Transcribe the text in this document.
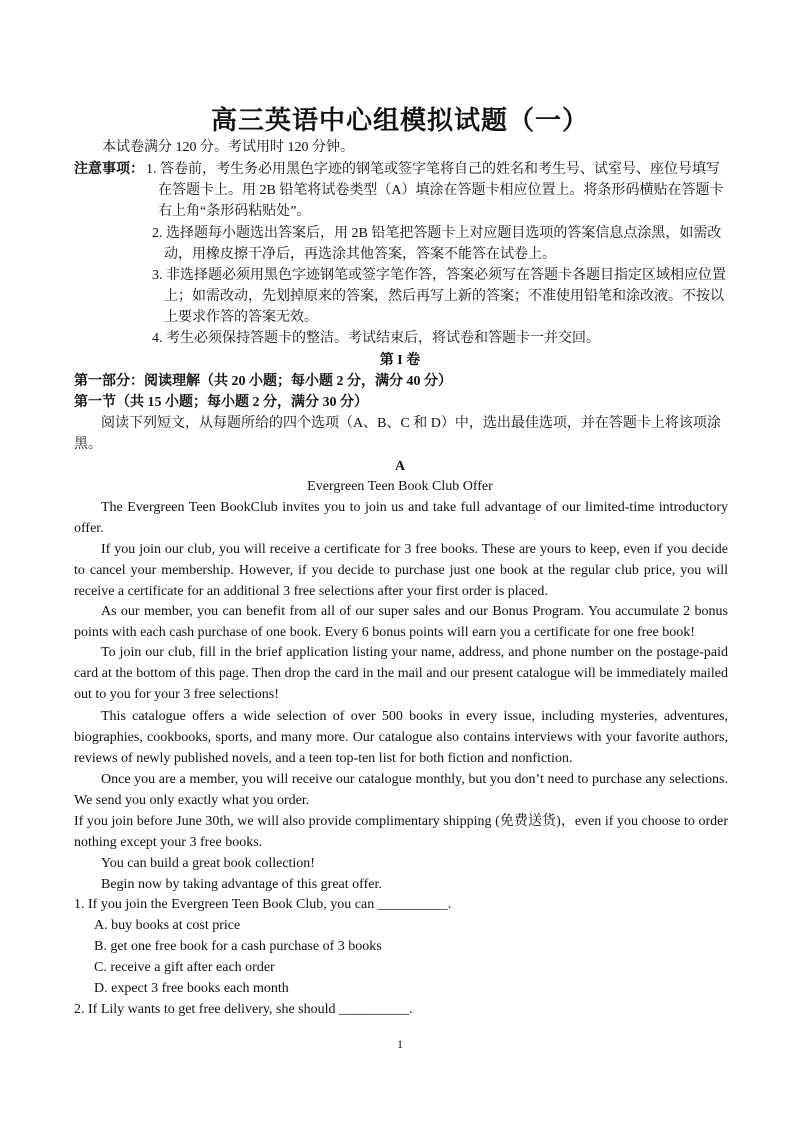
高三英语中心组模拟试题（一）
本试卷满分 120 分。考试用时 120 分钟。
注意事项： 1. 答卷前，考生务必用黑色字迹的钢笔或签字笔将自己的姓名和考生号、试室号、座位号填写
在答题卡上。用 2B 铅笔将试卷类型（A）填涂在答题卡相应位置上。将条形码横贴在答题卡
右上角“条形码粘贴处”。
2. 选择题每小题选出答案后，用 2B 铅笔把答题卡上对应题目选项的答案信息点涂黑，如需改
动，用橡皮擦干净后，再选涂其他答案，答案不能答在试卷上。
3. 非选择题必须用黑色字迹钢笔或签字笔作答，答案必须写在答题卡各题目指定区域相应位置
上；如需改动，先划掉原来的答案，然后再写上新的答案；不准使用铅笔和涂改液。不按以
上要求作答的答案无效。
4. 考生必须保持答题卡的整洁。考试结束后，将试卷和答题卡一并交回。
第 I 卷
第一部分：阅读理解（共 20 小题；每小题 2 分，满分 40 分）
第一节（共 15 小题；每小题 2 分，满分 30 分）
阅读下列短文，从每题所给的四个选项（A、B、C 和 D）中，选出最佳选项，并在答题卡上将该项涂
黑。
A
Evergreen Teen Book Club Offer
The Evergreen Teen BookClub invites you to join us and take full advantage of our limited-time introductory offer.
If you join our club, you will receive a certificate for 3 free books. These are yours to keep, even if you decide to cancel your membership. However, if you decide to purchase just one book at the regular club price, you will receive a certificate for an additional 3 free selections after your first order is placed.
As our member, you can benefit from all of our super sales and our Bonus Program. You accumulate 2 bonus points with each cash purchase of one book. Every 6 bonus points will earn you a certificate for one free book!
To join our club, fill in the brief application listing your name, address, and phone number on the postage-paid card at the bottom of this page. Then drop the card in the mail and our present catalogue will be immediately mailed out to you for your 3 free selections!
This catalogue offers a wide selection of over 500 books in every issue, including mysteries, adventures, biographies, cookbooks, sports, and many more. Our catalogue also contains interviews with your favorite authors, reviews of newly published novels, and a teen top-ten list for both fiction and nonfiction.
Once you are a member, you will receive our catalogue monthly, but you don’t need to purchase any selections. We send you only exactly what you order.
If you join before June 30th, we will also provide complimentary shipping (免费送货)，even if you choose to order nothing except your 3 free books.
You can build a great book collection!
Begin now by taking advantage of this great offer.
1. If you join the Evergreen Teen Book Club, you can __________.
A. buy books at cost price
B. get one free book for a cash purchase of 3 books
C. receive a gift after each order
D. expect 3 free books each month
2. If Lily wants to get free delivery, she should __________.
1
